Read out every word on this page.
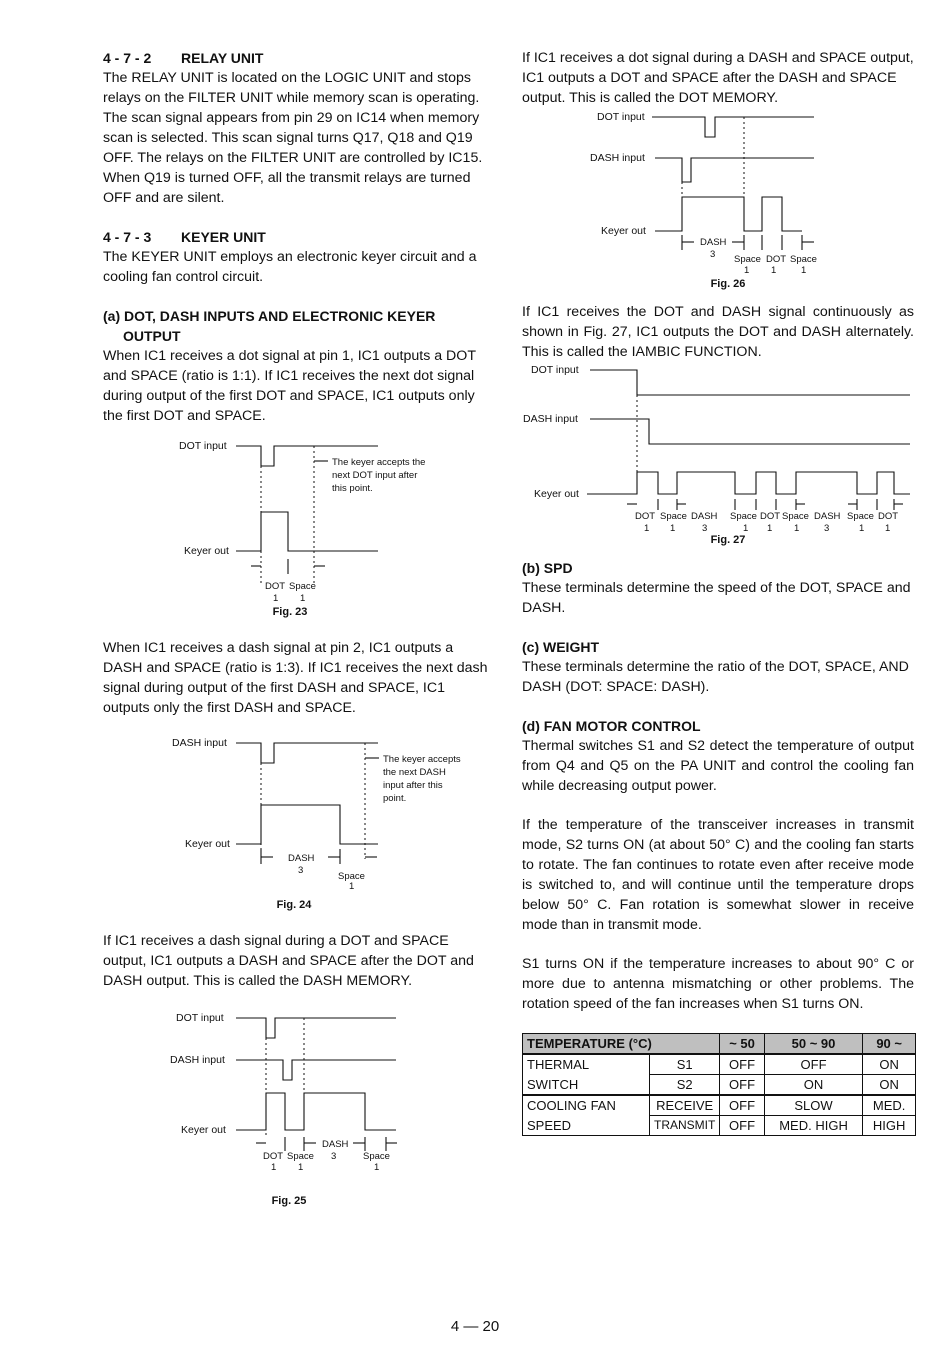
4 - 7 - 2 RELAY UNIT

The RELAY UNIT is located on the LOGIC UNIT and stops relays on the FILTER UNIT while memory scan is operating. The scan signal appears from pin 29 on IC14 when memory scan is selected. This scan signal turns Q17, Q18 and Q19 OFF. The relays on the FILTER UNIT are controlled by IC15. When Q19 is turned OFF, all the transmit relays are turned OFF and are silent.

4 - 7 - 3 KEYER UNIT

The KEYER UNIT employs an electronic keyer circuit and a cooling fan control circuit.

(a) DOT, DASH INPUTS AND ELECTRONIC KEYER OUTPUT

When IC1 receives a dot signal at pin 1, IC1 outputs a DOT and SPACE (ratio is 1:1). If IC1 receives the next dot signal during output of the first DOT and SPACE, IC1 outputs only the first DOT and SPACE.

DOT input
The keyer accepts the
next DOT input after
this point.
Keyer out
DOT Space
1 1
Fig. 23

When IC1 receives a dash signal at pin 2, IC1 outputs a DASH and SPACE (ratio is 1:3). If IC1 receives the next dash signal during output of the first DASH and SPACE, IC1 outputs only the first DASH and SPACE.

DASH input
The keyer accepts
the next DASH
input after this
point.
Keyer out
DASH
3
Space
1
Fig. 24

If IC1 receives a dash signal during a DOT and SPACE output, IC1 outputs a DASH and SPACE after the DOT and DASH output. This is called the DASH MEMORY.

DOT input
DASH input
Keyer out
DOT Space
DASH
3	Space
1 1	1
Fig. 25

If IC1 receives a dot signal during a DASH and SPACE output, IC1 outputs a DOT and SPACE after the DASH and SPACE output. This is called the DOT MEMORY.

DOT input
DASH input
Keyer out
DASH
3 Space DOT Space
1 1	1
Fig. 26

If IC1 receives the DOT and DASH signal continuously as shown in Fig. 27, IC1 outputs the DOT and DASH alternately. This is called the IAMBIC FUNCTION.

DOT input
DASH input
Keyer out
DOT Space DASH Space DOT Space DASH Space DOT
1 1	3	1 1 1	3	1 1
Fig. 27
(b) SPD

These terminals determine the speed of the DOT, SPACE and DASH.

(c) WEIGHT

These terminals determine the ratio of the DOT, SPACE, AND DASH (DOT: SPACE: DASH).

(d) FAN MOTOR CONTROL

Thermal switches S1 and S2 detect the temperature of output from Q4 and Q5 on the PA UNIT and control the cooling fan while decreasing output power.

If the temperature of the transceiver increases in transmit mode, S2 turns ON (at about 50° C) and the cooling fan starts to rotate. The fan continues to rotate even after receive mode is switched to, and will continue until the temperature drops below 50° C. Fan rotation is somewhat slower in receive mode than in transmit mode.

S1 turns ON if the temperature increases to about 90° C or more due to antenna mismatching or other problems. The rotation speed of the fan increases when S1 turns ON.

TEMPERATURE (°C)		~ 50	50 ~ 90	90 ~
THERMAL	S1	OFF	OFF	ON
SWITCH	S2	OFF	ON	ON
COOLING FAN	RECEIVE	OFF	SLOW	MED.
SPEED	TRANSMIT	OFF	MED. HIGH	HIGH
4 — 20
